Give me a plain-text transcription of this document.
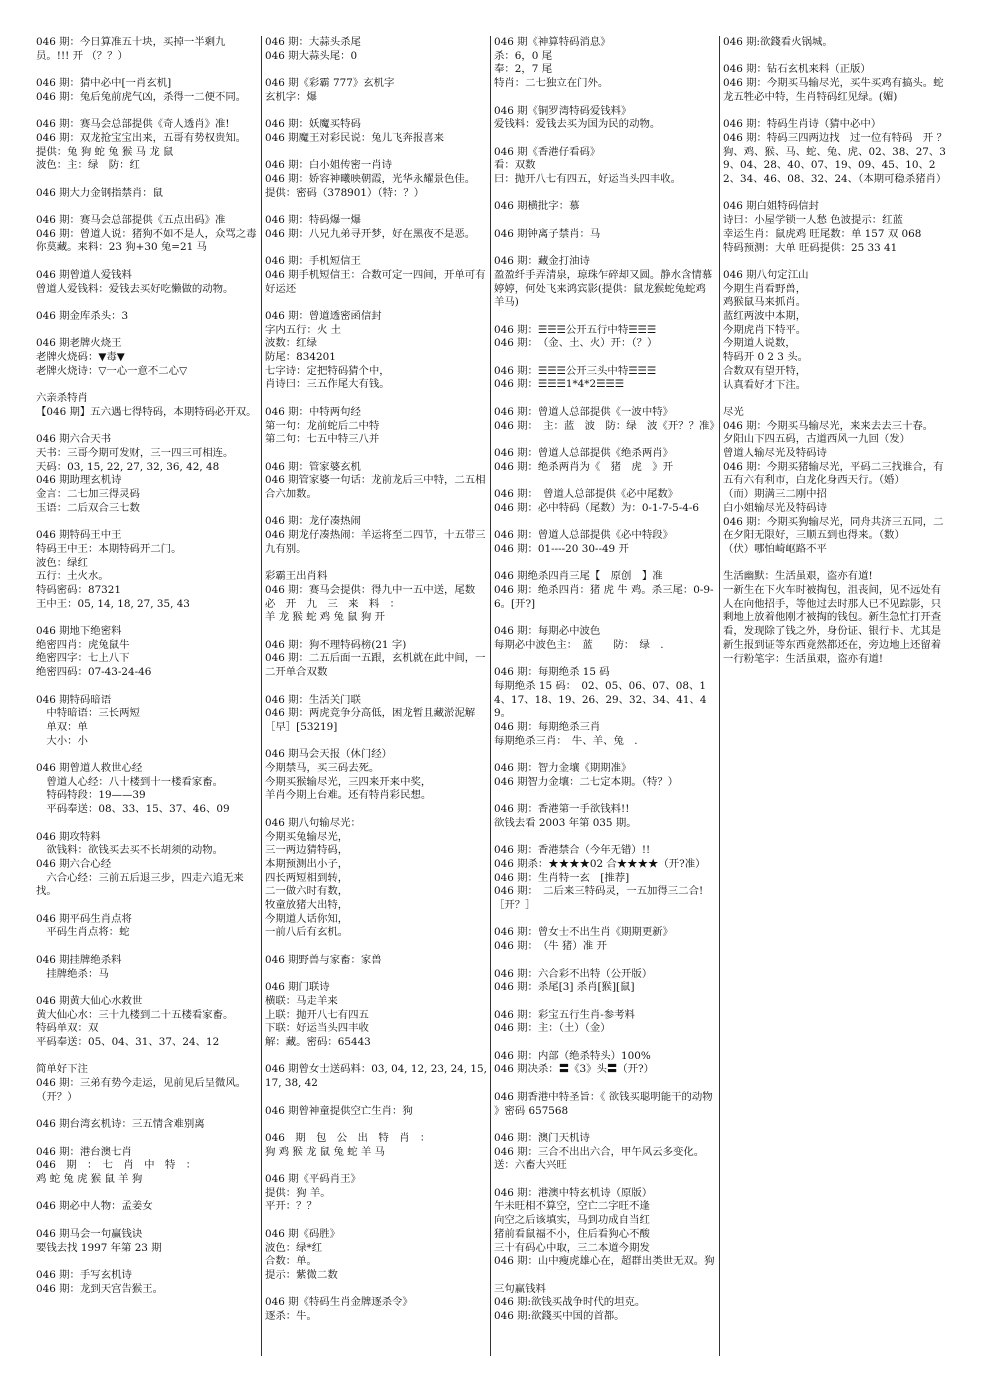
046 期：今日算准五十块，买掉一半剩九员。!!! 开 （？？）
046 期：猜中必中[一肖玄机]
046 期：兔后兔前虎气凶，杀得一二便不同。
046 期：赛马会总部提供《奇人透肖》准!
046 期：双龙抢宝宝出来，五哥有势权贵知。
提供：兔 狗 蛇 兔 猴 马 龙 鼠
波色：主：绿　防：红
046 期大力金钢指禁肖：鼠
046 期：赛马会总部提供《五点出码》准
046 期：曾道人说：猪狗不如不是人，众骂之毒你莫藏。来料：23 狗+30 兔=21 马
046 期曾道人爱钱料
曾道人爱钱料：爱钱去买好吃懒做的动物。
046 期金库杀头：3
046 期老牌火烧王
老牌火烧码：▼毒▼
老牌火烧诗：▽一心一意不二心▽
六亲杀特肖
【046 期】五六遇七得特码，本期特码必开双。
046 期六合天书
天书：三哥今期可发财，三一四三可相连。
天码：03, 15, 22, 27, 32, 36, 42, 48
046 期助理玄机诗
金言：二七加三得灵码
玉语：二后双合三七数
046 期特码王中王
特码王中王：本期特码开二门。
波色：绿红
五行：土火水。
特码密码：87321
王中王：05, 14, 18, 27, 35, 43
046 期地下绝密料
绝密四肖：虎兔鼠牛
绝密四字：七上八下
绝密四码：07-43-24-46
046 期特码暗语
　中特暗语：三长两短
　单双：单
　大小：小
046 期曾道人救世心经
　曾道人心经：八十楼到十一楼看家畜。
　特码特段：19——39
　平码奉送：08、33、15、37、46、09
046 期攻特料
　欲钱料：欲钱买去买不长胡须的动物。
046 期六合心经
　六合心经：三前五后退三步，四走六追无来找。
046 期平码生肖点将
　平码生肖点将：蛇
046 期挂牌绝杀料
　挂牌绝杀：马
046 期黄大仙心水救世
黄大仙心水：三十九楼到二十五楼看家畜。
特码单双：双
平码奉送：05、04、31、37、24、12
简单好下注
046 期：三弟有势今走运，见前见后呈微风。（开？）
046 期台湾玄机诗：三五情含难别离
046 期：港台澳七肖
046　期　：　七　肖　中　特　：
鸡 蛇 兔 虎 猴 鼠 羊 狗
046 期必中人物：孟姜女
046 期马会一句赢钱诀
要钱去找 1997 年第 23 期
046 期：手写玄机诗
046 期：龙到天宫告猴王。
046 期：大蒜头杀尾
046 期大蒜头尾：0
046 期《彩霸 777》玄机字
玄机字：爆
046 期：妖魔买特码
046 期魔王对彩民说：兔儿飞奔报喜来
046 期：白小姐传密一肖诗
046 期：娇容神曦映朝霞，光华永耀景色佳。
提供：密码（378901）（特：？）
046 期：特码爆一爆
046 期：八兄九弟寻开梦，好在黑夜不是恶。
046 期：手机短信王
046 期手机短信王：合数可定一四间，开单可有好运还
046 期：曾道透密函信封
字内五行：火 土
波数：红绿
防尾：834201
七字诗：定把特码猜个中，
肖诗曰：三五作尾大有钱。
046 期：中特两句经
第一句：龙前蛇后二中特
第二句：七五中特三八并
046 期：管家婆玄机
046 期管家婆一句话：龙前龙后三中特，二五相合六加数。
046 期：龙仔凑热闹
046 期龙仔凑热闹：羊运将至二四节，十五带三九有别。
彩霸王出肖料
046 期：赛马会提供：得九中一五中送，尾数　必　开　九　三　来　料　：
羊 龙 猴 蛇 鸡 兔 鼠 狗 开
046 期：狗不理特码榜(21 字)
046 期：二五后面一五跟，玄机就在此中间，一二开单合双数
046 期：生活关门联
046 期：两虎竞争分高低，困龙暂且藏淤泥解［早］[53219]
046 期马会天报（休门经）
今期禁马，买三码去死。
今期买猴输尽光，三四来开来中奖，
羊肖今期上台难。还有特肖彩民想。
046 期八句输尽光：
今期买兔输尽光，
三一两边猜特码，
本期预测出小子，
四长两短相到转，
二一做六时有数，
牧童放猪大出特，
今期道人话你知，
一前八后有玄机。
046 期野兽与家畜：家兽
046 期门联诗
横联：马走羊来
上联：抛开八七有四五
下联：好运当头四丰收
解：藏。密码：65443
046 期曾女士送码料：03, 04, 12, 23, 24, 15, 17, 38, 42
046 期曾神童提供空亡生肖：狗
046　期　包　公　出　特　肖　：
狗 鸡 猴 龙 鼠 兔 蛇 羊 马
046 期《平码肖王》
提供：狗 羊。
平开：？？
046 期《码胜》
波色：绿*红
合数：单。
提示：紫微二数
046 期《特码生肖金牌逐杀令》
逐杀：牛。
046 期《神算特码消息》
杀：6，0 尾
奉：2，7 尾
特肖：二七独立在门外。
046 期《铜罗湾特码爱钱料》
爱钱料：爱钱去买为国为民的动物。
046 期《香港仔看码》
看：双数
曰：抛开八七有四五，好运当头四丰收。
046 期横批字：慕
046 期钟离子禁肖：马
046 期：藏金打油诗
盈盈纤手弄清泉，琼珠乍碎却又圆。静水含情慕婷婷，何处飞来鸿宾影(提供：鼠龙猴蛇兔蛇鸡羊马)
046 期：☰☰☰公开五行中特☰☰☰
046 期：　（金、土、火）开：（？）
046 期：☰☰☰公开三头中特☰☰☰
046 期：☰☰☰1*4*2☰☰☰
046 期：曾道人总部提供《一波中特》
046 期：　主：蓝　波　防：绿　波《开？？准》
046 期：曾道人总部提供《绝杀两肖》
046 期：绝杀两肖为《　猪　虎　》开
046 期：　曾道人总部提供《必中尾数》
046 期：必中特码（尾数）为：0-1-7-5-4-6
046 期：曾道人总部提供《必中特段》
046 期：01----20 30--49 开
046 期绝杀四肖三尾【　原创　】准
046 期：绝杀四肖：猪 虎 牛 鸡。杀三尾：0-9-6。[开?]
046 期：每期必中波色
每期必中波色主：　蓝　　防：　绿　.
046 期：每期绝杀 15 码
每期绝杀 15 码：　02、05、06、07、08、14、17、18、19、26、29、32、34、41、49。
046 期：每期绝杀三肖
每期绝杀三肖：　牛、羊、兔　.
046 期：智力金壤《期期准》
046 期智力金壤：二七定本期。（特？）
046 期：香港第一手欲钱料!!
欲钱去看 2003 年第 035 期。
046 期：香港禁合（今年无错）!!
046 期杀：★★★★02 合★★★★（开?准）
046 期：生肖特一玄　[推荐]
046 期：　二后来三特码灵，一五加得三二合!［开？］
046 期：曾女士不出生肖《期期更新》
046 期：　（牛 猪）准 开
046 期：六合彩不出特（公开版）
046 期：杀尾[3] 杀肖[猴][鼠]
046 期：彩宝五行生肖-参考料
046 期：主：（土）（金）
046 期：内部（绝杀特头）100%
046 期决杀：〓《3》头〓（开?）
046 期香港中特圣旨：《 欲钱买聪明能干的动物 》密码 657568
046 期：澳门天机诗
046 期：三合不出出六合，甲午风云多变化。
送：六畜大兴旺
046 期：港澳中特玄机诗（原版）
午未旺相不算空，空亡二字旺不逢
向空之后该填实，马到功成自当红
猪前看鼠福不小，住后看狗心不酸
三十有码心中取，三二本道今期发
046 期：山中瘦虎雄心在，超群出类世无双。狗
三句赢钱料
046 期:欲钱买战争时代的坦克。
046 期:欲錢买中国的首都。
046 期:欲錢看火锅城。
046 期：钻石玄机来料（正版）
046 期：今期买马输尽光，买牛买鸡有搞头。蛇龙五牲必中特，生肖特码红见绿。(媚)
046 期：特码生肖诗（猜中必中）
046 期：特码三四两边找　过一位有特码　开 ？
狗、鸡、猴、马、蛇、兔、虎、02、38、27、39、04、28、40、07、19、09、45、10、22、34、46、08、32、24、（本期可稳杀猪肖）
046 期白姐特码信封
诗曰：小屋学锁一人愁 色波提示：红蓝
幸运生肖：鼠虎鸡 旺尾数：单 157 双 068
特码预测：大单 旺码提供：25 33 41
046 期八句定江山
今期生肖看野兽，
鸡猴鼠马来抓肖。
蓝红两波中本期，
今期虎肖下特平。
今期道人说数，
特码开 0 2 3 头。
合数双有望开特，
认真看好才下注。
尽光
046 期：今期买马输尽光，来来去去三十春。
夕阳山下四五码，古道西风一九回（发）
曾道人输尽光及特码诗
046 期：今期买猪输尽光，平码二三找谁合，有五有六有利市，白龙化身西天行。（婚）
（而）期满三二刚中招
白小姐输尽光及特码诗
046 期：今期买狗输尽光，同舟共济三五同，二在夕阳无限好，三顺五到也得来。（数）
（伏）哪怕崎岖路不平
生活幽默：生活虽艰，盗亦有道!
一新生在下火车时被掏包，沮丧间，见不远处有人在向他招手，等他过去时那人已不见踪影，只剩地上放着他刚才被掏的钱包。新生急忙打开查看，发现除了钱之外，身份证、银行卡、尤其是新生报到证等东西竟然都还在，旁边地上还留着一行粉笔字：生活虽艰，盗亦有道!
